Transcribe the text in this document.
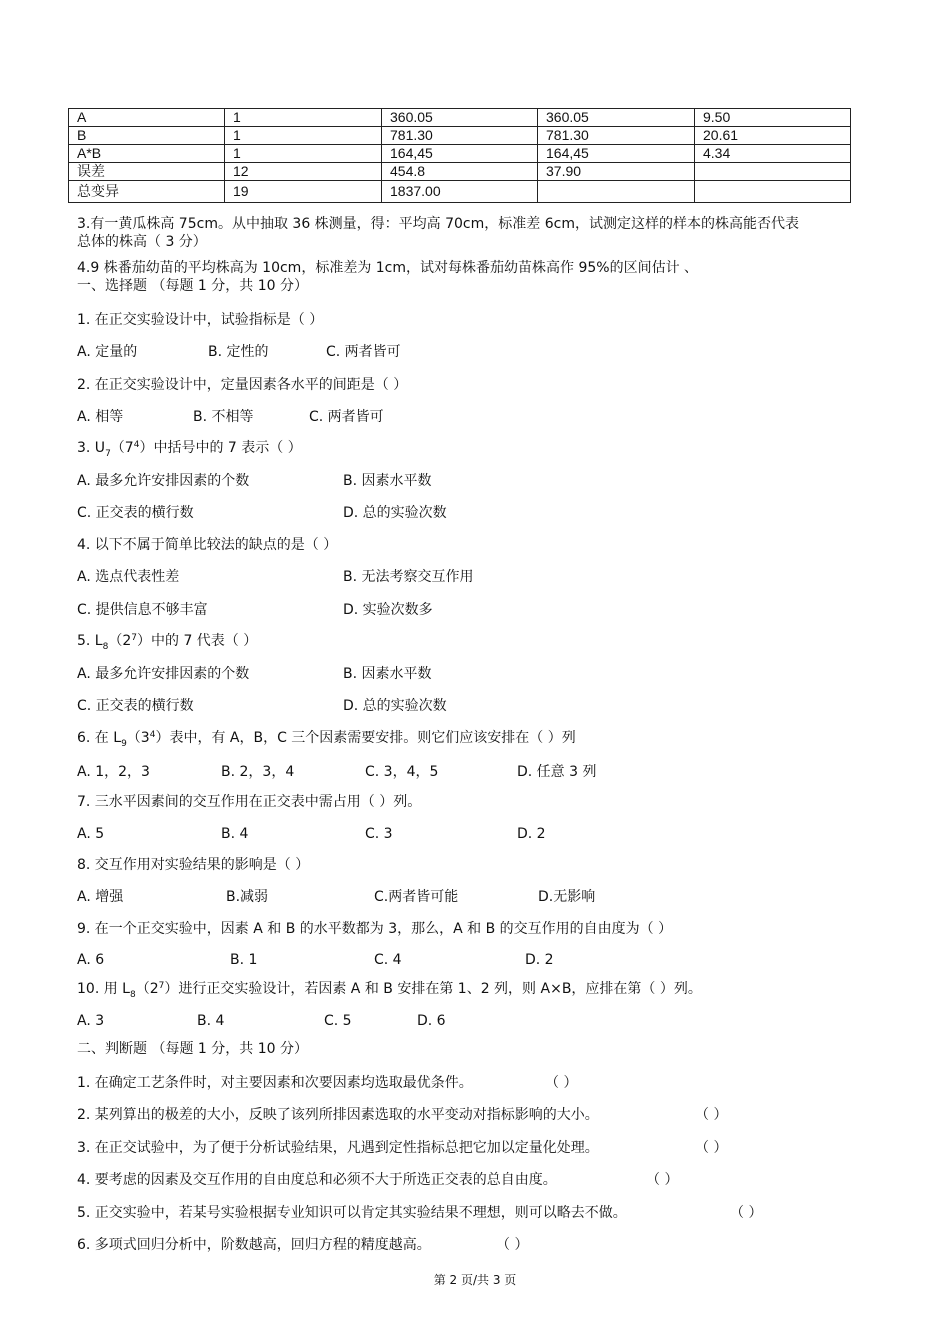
A	1	360.05	360.05	9.50
B	1	781.30	781.30	20.61
A*B	1	164,45	164,45	4.34
误差	12	454.8	37.90	
总变异	19	1837.00		
3.有一黄瓜株高 75cm。从中抽取 36 株测量，得：平均高 70cm，标准差 6cm，试测定这样的样本的株高能否代表
总体的株高（ 3 分）
4.9 株番茄幼苗的平均株高为 10cm，标准差为 1cm，试对每株番茄幼苗株高作 95%的区间估计 、
一、选择题 （每题 1 分，共 10 分）
1. 在正交实验设计中，试验指标是（ ）
A. 定量的	B. 定性的	C. 两者皆可
2. 在正交实验设计中，定量因素各水平的间距是（ ）
A. 相等	B. 不相等	C. 两者皆可
3. $U_7(7^4)$中括号中的 7 表示（ ）
A. 最多允许安排因素的个数	B. 因素水平数
C. 正交表的横行数	D. 总的实验次数
4. 以下不属于简单比较法的缺点的是（ ）
A. 选点代表性差	B. 无法考察交互作用
C. 提供信息不够丰富	D. 实验次数多
5. $L_8(2^7)$中的 7 代表（ ）
A. 最多允许安排因素的个数	B. 因素水平数
C. 正交表的横行数	D. 总的实验次数
6. 在 $L_9(3^4)$表中，有 A，B，C 三个因素需要安排。则它们应该安排在（ ）列
A. 1，2，3	B. 2，3，4	C. 3，4，5	D. 任意 3 列
7. 三水平因素间的交互作用在正交表中需占用（ ）列。
A. 5	B. 4	C. 3	D. 2
8. 交互作用对实验结果的影响是（ ）
A. 增强	B.减弱	C.两者皆可能	D.无影响
9. 在一个正交实验中，因素 A 和 B 的水平数都为 3，那么，A 和 B 的交互作用的自由度为（ ）
A. 6	B. 1	C. 4	D. 2
10. 用 $L_8(2^7)$进行正交实验设计，若因素 A 和 B 安排在第 1、2 列，则 A×B，应排在第（ ）列。
A. 3	B. 4	C. 5	D. 6
二、判断题 （每题 1 分，共 10 分）
1. 在确定工艺条件时，对主要因素和次要因素均选取最优条件。	（ ）
2. 某列算出的极差的大小，反映了该列所排因素选取的水平变动对指标影响的大小。	（ ）
3. 在正交试验中，为了便于分析试验结果，凡遇到定性指标总把它加以定量化处理。	（ ）
4. 要考虑的因素及交互作用的自由度总和必须不大于所选正交表的总自由度。	（ ）
5. 正交实验中，若某号实验根据专业知识可以肯定其实验结果不理想，则可以略去不做。	（ ）
6. 多项式回归分析中，阶数越高，回归方程的精度越高。	（ ）
第 2 页/共 3 页
